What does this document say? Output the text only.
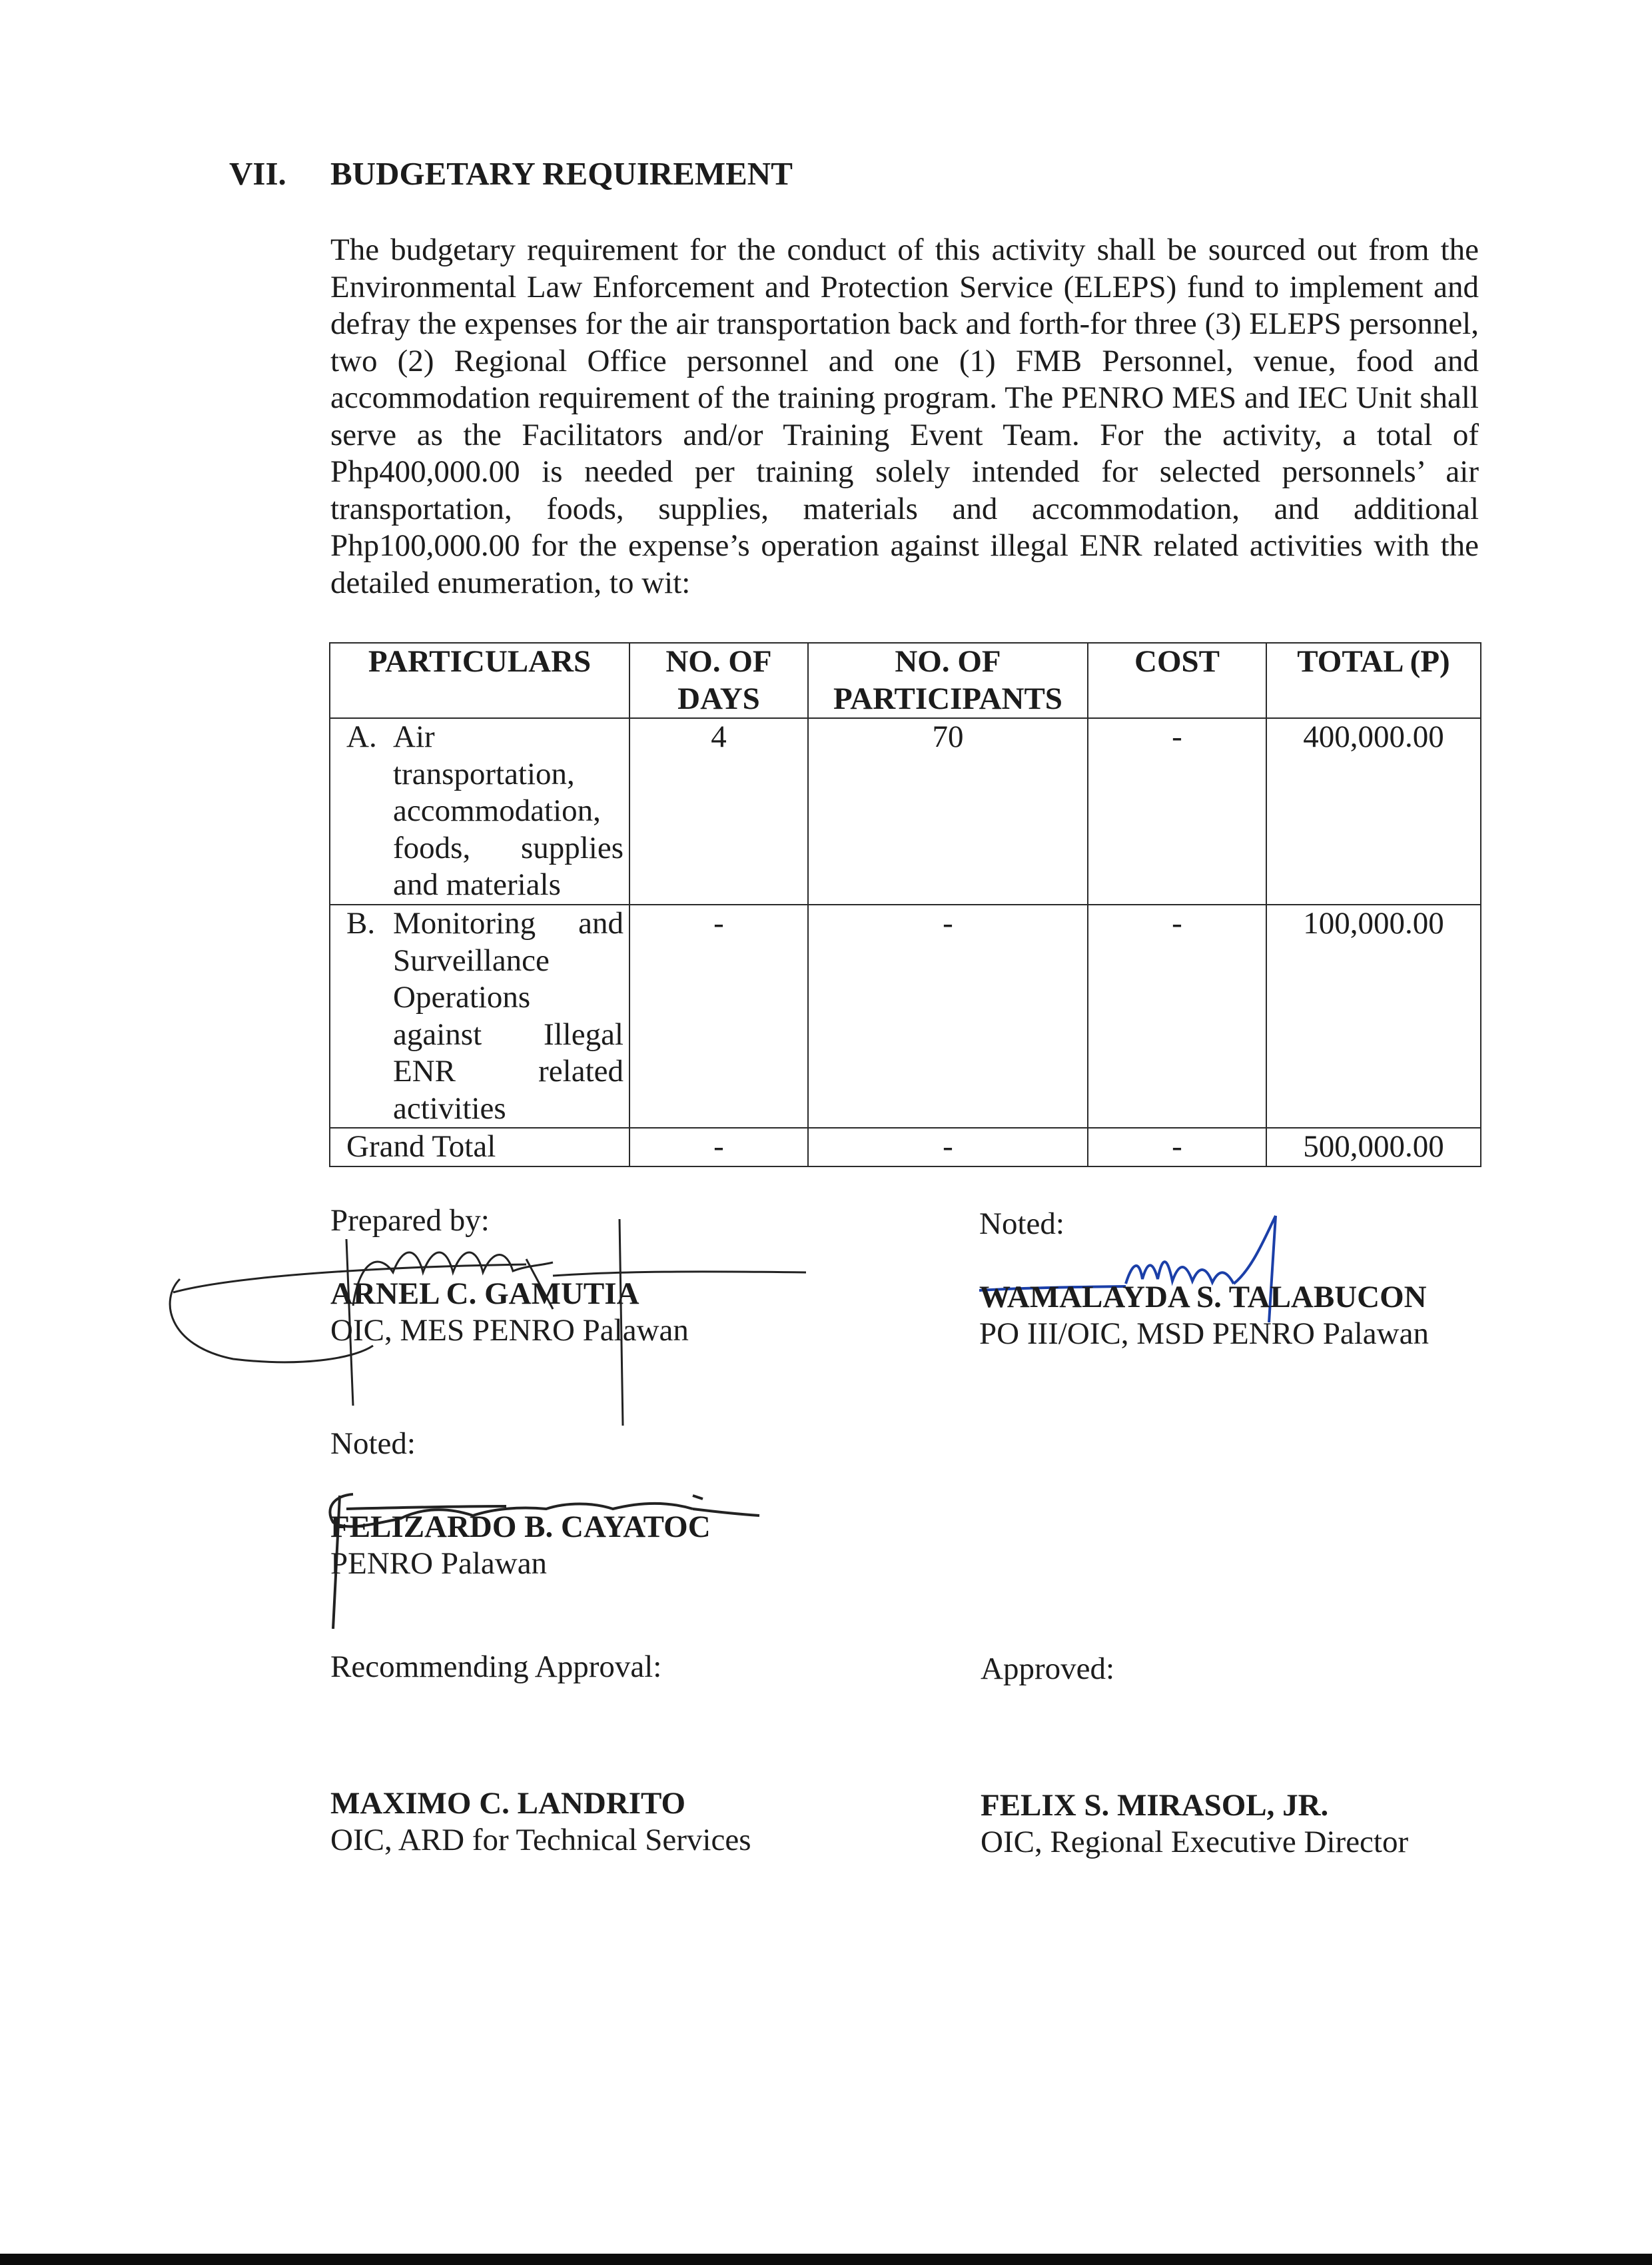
VII. BUDGETARY REQUIREMENT
The budgetary requirement for the conduct of this activity shall be sourced out from the Environmental Law Enforcement and Protection Service (ELEPS) fund to implement and defray the expenses for the air transportation back and forth-for three (3) ELEPS personnel, two (2) Regional Office personnel and one (1) FMB Personnel, venue, food and accommodation requirement of the training program. The PENRO MES and IEC Unit shall serve as the Facilitators and/or Training Event Team. For the activity, a total of Php400,000.00 is needed per training solely intended for selected personnels’ air transportation, foods, supplies, materials and accommodation, and additional Php100,000.00 for the expense’s operation against illegal ENR related activities with the detailed enumeration, to wit:
PARTICULARS	NO. OF DAYS	NO. OF PARTICIPANTS	COST	TOTAL (P)

A. Air transportation, accommodation, foods, supplies and materials	4	70	-	400,000.00

B. Monitoring and Surveillance Operations against Illegal ENR related activities	-	-	-	100,000.00
Grand Total	-	-	-	500,000.00
Prepared by:
ARNEL C. GAMUTIA
OIC, MES PENRO Palawan
Noted:
WAMALAYDA S. TALABUCON
PO III/OIC, MSD PENRO Palawan
Noted:
FELIZARDO B. CAYATOC
PENRO Palawan
Recommending Approval:
MAXIMO C. LANDRITO
OIC, ARD for Technical Services
Approved:
FELIX S. MIRASOL, JR.
OIC, Regional Executive Director
